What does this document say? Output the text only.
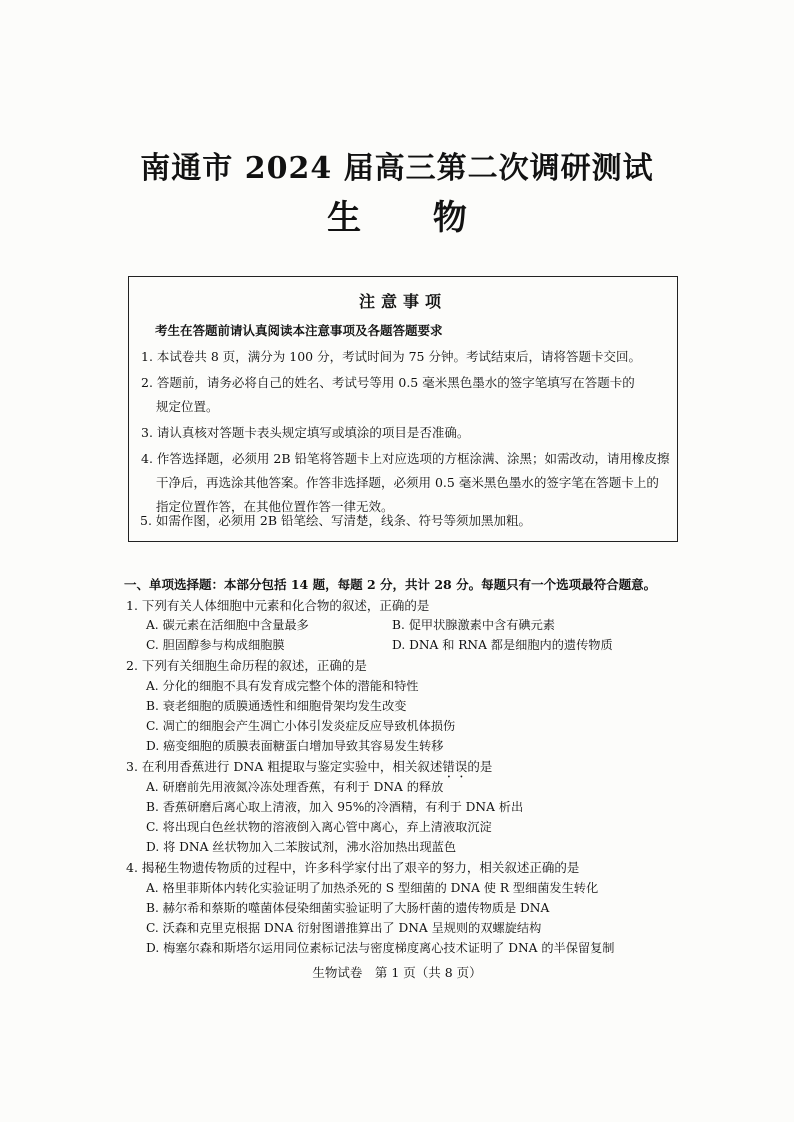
南通市 2024 届高三第二次调研测试
生 物
注意事项
考生在答题前请认真阅读本注意事项及各题答题要求
1. 本试卷共 8 页，满分为 100 分，考试时间为 75 分钟。考试结束后，请将答题卡交回。
2. 答题前，请务必将自己的姓名、考试号等用 0.5 毫米黑色墨水的签字笔填写在答题卡的
规定位置。
3. 请认真核对答题卡表头规定填写或填涂的项目是否准确。
4. 作答选择题，必须用 2B 铅笔将答题卡上对应选项的方框涂满、涂黑；如需改动，请用橡皮擦
干净后，再选涂其他答案。作答非选择题，必须用 0.5 毫米黑色墨水的签字笔在答题卡上的
指定位置作答，在其他位置作答一律无效。
5. 如需作图，必须用 2B 铅笔绘、写清楚，线条、符号等须加黑加粗。
一、单项选择题：本部分包括 14 题，每题 2 分，共计 28 分。每题只有一个选项最符合题意。
1. 下列有关人体细胞中元素和化合物的叙述，正确的是
A. 碳元素在活细胞中含量最多	B. 促甲状腺激素中含有碘元素
C. 胆固醇参与构成细胞膜	D. DNA 和 RNA 都是细胞内的遗传物质
2. 下列有关细胞生命历程的叙述，正确的是
A. 分化的细胞不具有发育成完整个体的潜能和特性
B. 衰老细胞的质膜通透性和细胞骨架均发生改变
C. 凋亡的细胞会产生凋亡小体引发炎症反应导致机体损伤
D. 癌变细胞的质膜表面糖蛋白增加导致其容易发生转移
3. 在利用香蕉进行 DNA 粗提取与鉴定实验中，相关叙述错误的是
A. 研磨前先用液氮冷冻处理香蕉，有利于 DNA 的释放
B. 香蕉研磨后离心取上清液，加入 95%的冷酒精，有利于 DNA 析出
C. 将出现白色丝状物的溶液倒入离心管中离心，弃上清液取沉淀
D. 将 DNA 丝状物加入二苯胺试剂，沸水浴加热出现蓝色
4. 揭秘生物遗传物质的过程中，许多科学家付出了艰辛的努力，相关叙述正确的是
A. 格里菲斯体内转化实验证明了加热杀死的 S 型细菌的 DNA 使 R 型细菌发生转化
B. 赫尔希和蔡斯的噬菌体侵染细菌实验证明了大肠杆菌的遗传物质是 DNA
C. 沃森和克里克根据 DNA 衍射图谱推算出了 DNA 呈规则的双螺旋结构
D. 梅塞尔森和斯塔尔运用同位素标记法与密度梯度离心技术证明了 DNA 的半保留复制
生物试卷　第 1 页（共 8 页）
